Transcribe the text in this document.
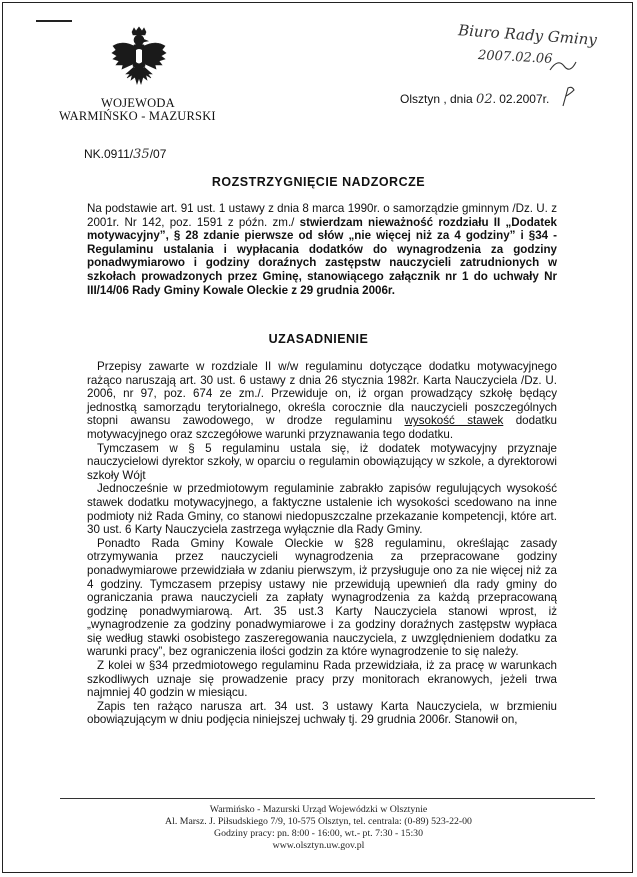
WOJEWODA
WARMIŃSKO - MAZURSKI
Biuro Rady Gminy
2007.02.06
Olsztyn , dnia 02. 02.2007r.
NK.0911/35/07
ROZSTRZYGNIĘCIE NADZORCZE

Na podstawie art. 91 ust. 1 ustawy z dnia 8 marca 1990r. o samorządzie gminnym /Dz. U. z 2001r. Nr 142, poz. 1591 z późn. zm./ stwierdzam nieważność rozdziału II „Dodatek motywacyjny”, § 28 zdanie pierwsze od słów „nie więcej niż za 4 godziny” i §34 - Regulaminu ustalania i wypłacania dodatków do wynagrodzenia za godziny ponadwymiarowo i godziny doraźnych zastępstw nauczycieli zatrudnionych w szkołach prowadzonych przez Gminę, stanowiącego załącznik nr 1 do uchwały Nr III/14/06 Rady Gminy Kowale Oleckie z 29 grudnia 2006r.

UZASADNIENIE

Przepisy zawarte w rozdziale II w/w regulaminu dotyczące dodatku motywacyjnego rażąco naruszają art. 30 ust. 6 ustawy z dnia 26 stycznia 1982r. Karta Nauczyciela /Dz. U. 2006, nr 97, poz. 674 ze zm./. Przewiduje on, iż organ prowadzący szkołę będący jednostką samorządu terytorialnego, określa corocznie dla nauczycieli poszczególnych stopni awansu zawodowego, w drodze regulaminu wysokość stawek dodatku motywacyjnego oraz szczegółowe warunki przyznawania tego dodatku.

Tymczasem w § 5 regulaminu ustala się, iż dodatek motywacyjny przyznaje nauczycielowi dyrektor szkoły, w oparciu o regulamin obowiązujący w szkole, a dyrektorowi szkoły Wójt

Jednocześnie w przedmiotowym regulaminie zabrakło zapisów regulujących wysokość stawek dodatku motywacyjnego, a faktyczne ustalenie ich wysokości scedowano na inne podmioty niż Rada Gminy, co stanowi niedopuszczalne przekazanie kompetencji, które art. 30 ust. 6 Karty Nauczyciela zastrzega wyłącznie dla Rady Gminy.

Ponadto Rada Gminy Kowale Oleckie w §28 regulaminu, określając zasady otrzymywania przez nauczycieli wynagrodzenia za przepracowane godziny ponadwymiarowe przewidziała w zdaniu pierwszym, iż przysługuje ono za nie więcej niż za 4 godziny. Tymczasem przepisy ustawy nie przewidują upewnień dla rady gminy do ograniczania prawa nauczycieli za zapłaty wynagrodzenia za każdą przepracowaną godzinę ponadwymiarową. Art. 35 ust.3 Karty Nauczyciela stanowi wprost, iż „wynagrodzenie za godziny ponadwymiarowe i za godziny doraźnych zastępstw wypłaca się według stawki osobistego zaszeregowania nauczyciela, z uwzględnieniem dodatku za warunki pracy”, bez ograniczenia ilości godzin za które wynagrodzenie to się należy.

Z kolei w §34 przedmiotowego regulaminu Rada przewidziała, iż za pracę w warunkach szkodliwych uznaje się prowadzenie pracy przy monitorach ekranowych, jeżeli trwa najmniej 40 godzin w miesiącu.

Zapis ten rażąco narusza art. 34 ust. 3 ustawy Karta Nauczyciela, w brzmieniu obowiązującym w dniu podjęcia niniejszej uchwały tj. 29 grudnia 2006r. Stanowił on,

Warmińsko - Mazurski Urząd Wojewódzki w Olsztynie
Al. Marsz. J. Piłsudskiego 7/9, 10-575 Olsztyn, tel. centrala: (0-89) 523-22-00
Godziny pracy: pn. 8:00 - 16:00, wt.- pt. 7:30 - 15:30
www.olsztyn.uw.gov.pl
